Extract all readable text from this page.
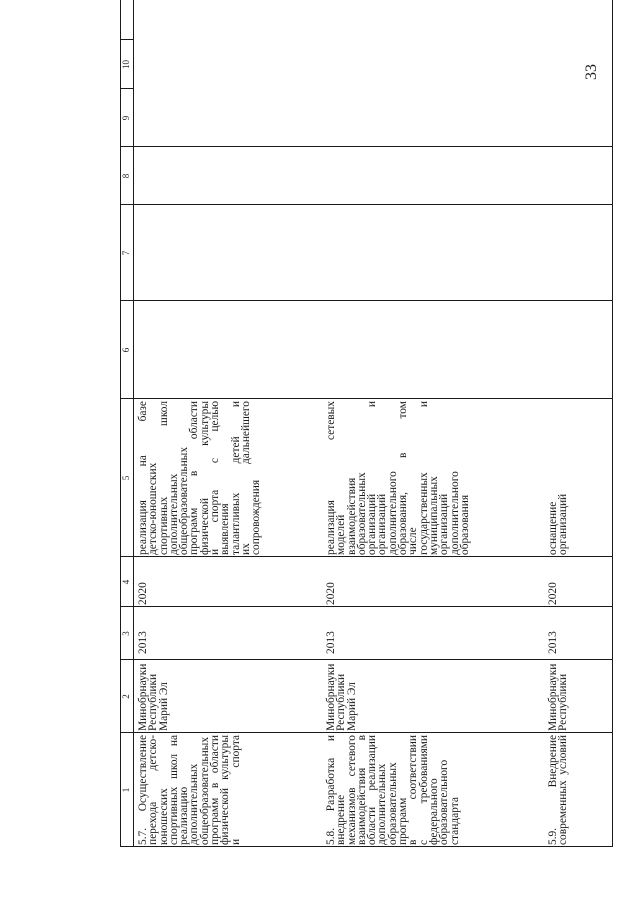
33
1
2
3
4
5
6
7
8
9
10
5.7. Осуществление
перехода детско-
юношеских
спортивных школ на
реализацию
дополнительных
общеобразовательных
программ в области
физической культуры
и спорта
Минобрнауки
Республики
Марий Эл
2013
2020
реализация на базе
детско-юношеских
спортивных школ
дополнительных
общеобразовательных
программ в области
физической культуры
и спорта с целью
выявления
талантливых детей и
их дальнейшего
сопровождения
5.8. Разработка и
внедрение
механизмов сетевого
взаимодействия в
области реализации
дополнительных
образовательных
программ
в соответствии
с требованиями
федерального
образовательного
стандарта
Минобрнауки
Республики
Марий Эл
2013
2020
реализация сетевых
моделей
взаимодействия
образовательных
организаций и
организаций
дополнительного
образования, в том
числе
государственных и
муниципальных
организаций
дополнительного
образования
5.9. Внедрение
современных условий
Минобрнауки
Республики
2013
2020
оснащение
организаций
